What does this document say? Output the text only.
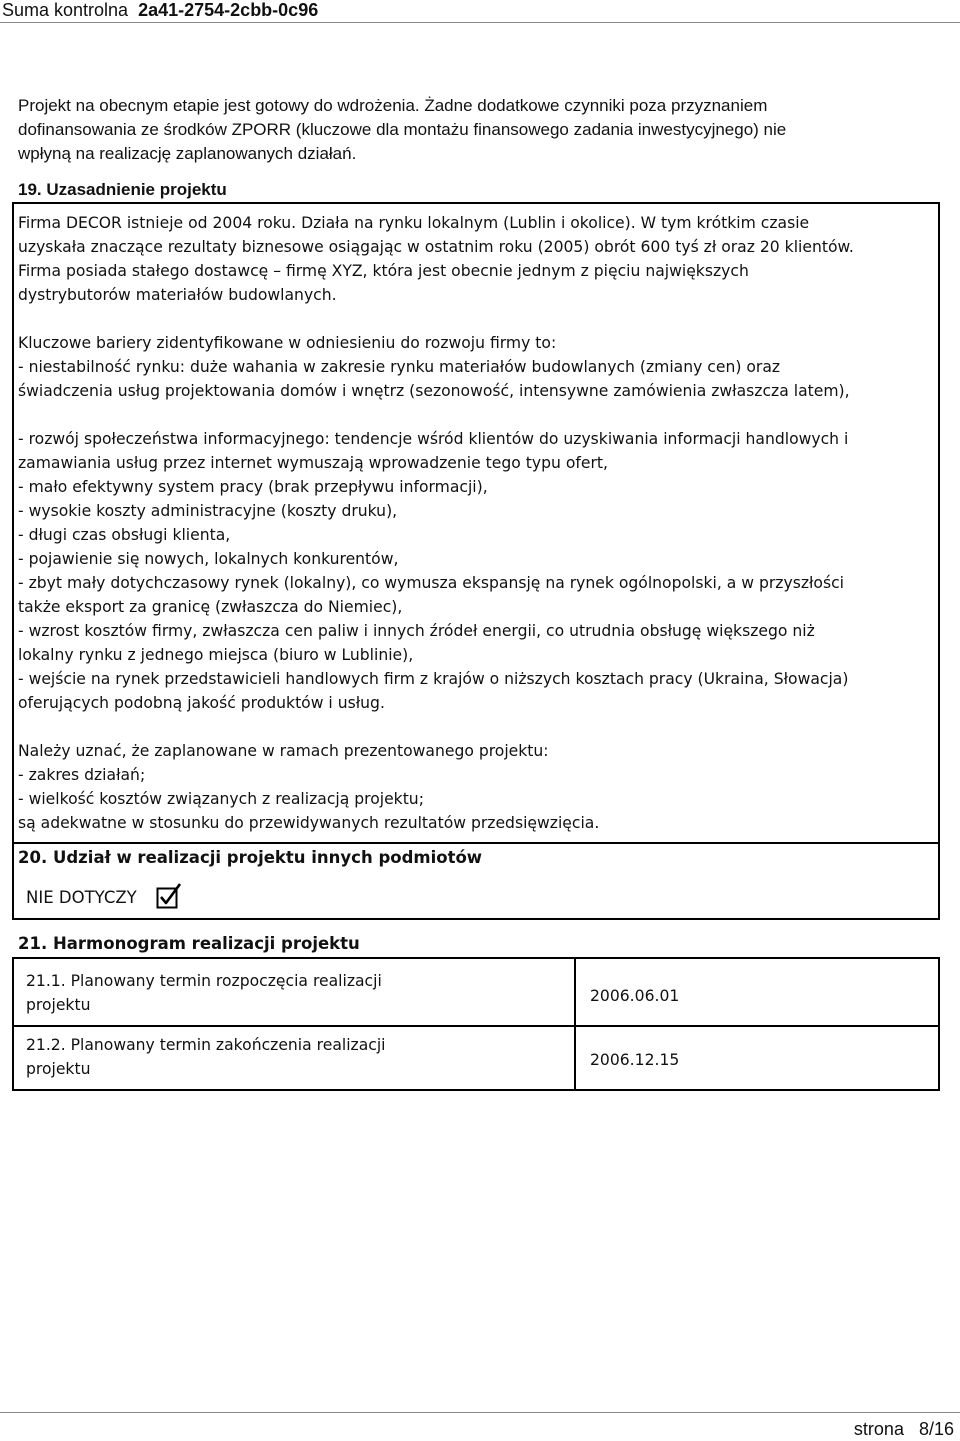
Suma kontrolna 2a41-2754-2cbb-0c96
Projekt na obecnym etapie jest gotowy do wdrożenia. Żadne dodatkowe czynniki poza przyznaniem
dofinansowania ze środków ZPORR (kluczowe dla montażu finansowego zadania inwestycyjnego) nie
wpłyną na realizację zaplanowanych działań.
19. Uzasadnienie projektu
Firma DECOR istnieje od 2004 roku. Działa na rynku lokalnym (Lublin i okolice). W tym krótkim czasie
uzyskała znaczące rezultaty biznesowe osiągając w ostatnim roku (2005) obrót 600 tyś zł oraz 20 klientów.
Firma posiada stałego dostawcę – firmę XYZ, która jest obecnie jednym z pięciu największych
dystrybutorów materiałów budowlanych.
Kluczowe bariery zidentyfikowane w odniesieniu do rozwoju firmy to:
- niestabilność rynku: duże wahania w zakresie rynku materiałów budowlanych (zmiany cen) oraz
świadczenia usług projektowania domów i wnętrz (sezonowość, intensywne zamówienia zwłaszcza latem),
- rozwój społeczeństwa informacyjnego: tendencje wśród klientów do uzyskiwania informacji handlowych i
zamawiania usług przez internet wymuszają wprowadzenie tego typu ofert,
- mało efektywny system pracy (brak przepływu informacji),
- wysokie koszty administracyjne (koszty druku),
- długi czas obsługi klienta,
- pojawienie się nowych, lokalnych konkurentów,
- zbyt mały dotychczasowy rynek (lokalny), co wymusza ekspansję na rynek ogólnopolski, a w przyszłości
także eksport za granicę (zwłaszcza do Niemiec),
- wzrost kosztów firmy, zwłaszcza cen paliw i innych źródeł energii, co utrudnia obsługę większego niż
lokalny rynku z jednego miejsca (biuro w Lublinie),
- wejście na rynek przedstawicieli handlowych firm z krajów o niższych kosztach pracy (Ukraina, Słowacja)
oferujących podobną jakość produktów i usług.
Należy uznać, że zaplanowane w ramach prezentowanego projektu:
- zakres działań;
- wielkość kosztów związanych z realizacją projektu;
są adekwatne w stosunku do przewidywanych rezultatów przedsięwzięcia.
20. Udział w realizacji projektu innych podmiotów
NIE DOTYCZY
21. Harmonogram realizacji projektu
21.1. Planowany termin rozpoczęcia realizacji
projektu	2006.06.01
21.2. Planowany termin zakończenia realizacji
projektu	2006.12.15
strona   8/16
